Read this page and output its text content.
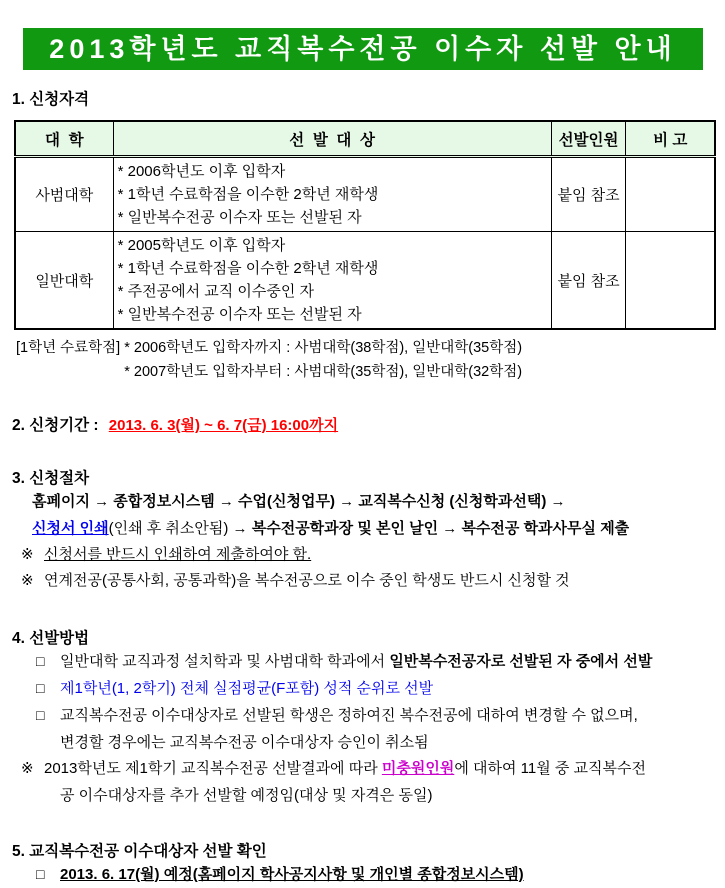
2013학년도 교직복수전공 이수자 선발 안내
1. 신청자격
대  학	선  발  대  상	선발인원	비 고
사범대학	* 2006학년도 이후 입학자
* 1학년 수료학점을 이수한 2학년 재학생
* 일반복수전공 이수자 또는 선발된 자	붙임 참조	
일반대학	* 2005학년도 이후 입학자
* 1학년 수료학점을 이수한 2학년 재학생
* 주전공에서 교직 이수중인 자
* 일반복수전공 이수자 또는 선발된 자	붙임 참조	
[1학년 수료학점] * 2006학년도 입학자까지 : 사범대학(38학점), 일반대학(35학점)
* 2007학년도 입학자부터 : 사범대학(35학점), 일반대학(32학점)
2. 신청기간 : 2013. 6. 3(월) ~ 6. 7(금) 16:00까지
3. 신청절차
홈페이지 → 종합정보시스템 → 수업(신청업무) → 교직복수신청 (신청학과선택) →
신청서 인쇄(인쇄 후 취소안됨) → 복수전공학과장 및 본인 날인 → 복수전공 학과사무실 제출
※ 신청서를 반드시 인쇄하여 제출하여야 함.
※ 연계전공(공통사회, 공통과학)을 복수전공으로 이수 중인 학생도 반드시 신청할 것
4. 선발방법
□	일반대학 교직과정 설치학과 및 사범대학 학과에서 일반복수전공자로 선발된 자 중에서 선발
□	제1학년(1, 2학기) 전체 실점평균(F포함) 성적 순위로 선발
□	교직복수전공 이수대상자로 선발된 학생은 정하여진 복수전공에 대하여 변경할 수 없으며,
변경할 경우에는 교직복수전공 이수대상자 승인이 취소됨
※ 2013학년도 제1학기 교직복수전공 선발결과에 따라 미충원인원에 대하여 11월 중 교직복수전
공 이수대상자를 추가 선발할 예정임(대상 및 자격은 동일)
5. 교직복수전공 이수대상자 선발 확인
□	2013. 6. 17(월) 예정(홈페이지 학사공지사항 및 개인별 종합정보시스템)
